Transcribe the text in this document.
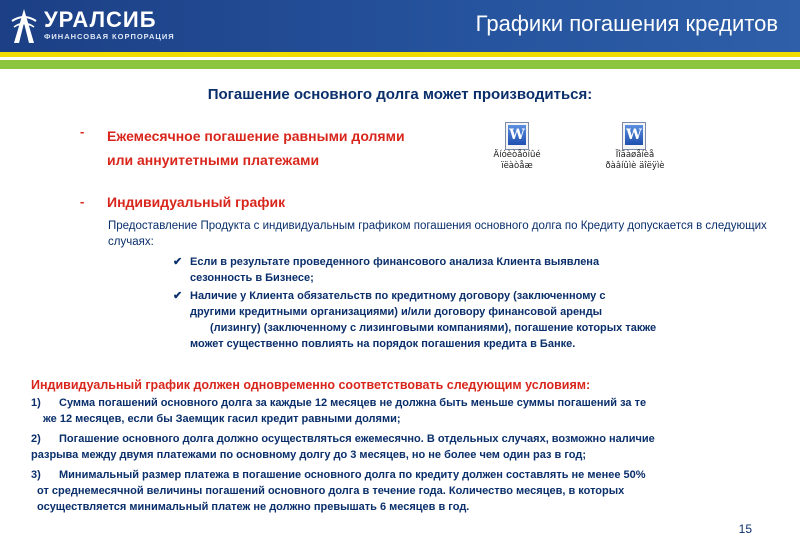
УРАЛСИБ
ФИНАНСОВАЯ КОРПОРАЦИЯ
Графики погашения кредитов
Погашение основного долга может производиться:
- Ежемесячное погашение равными долями
или аннуитетными платежами
W
Äíóèòåòíûé
ïëàòåæ
W
Ïîãàøåíèå
ðàâíûìè äîëÿìè
- Индивидуальный график
Предоставление Продукта с индивидуальным графиком погашения основного долга по Кредиту допускается в следующих случаях:
✔ Если в результате проведенного финансового анализа Клиента выявлена
сезонность в Бизнесе;
✔ Наличие у Клиента обязательств по кредитному договору (заключенному с
другими кредитными организациями) и/или договору финансовой аренды
(лизингу) (заключенному с лизинговыми компаниями), погашение которых также
может существенно повлиять на порядок погашения кредита в Банке.
Индивидуальный график должен одновременно соответствовать следующим условиям:
1) Сумма погашений основного долга за каждые 12 месяцев не должна быть меньше суммы погашений за те
же 12 месяцев, если бы Заемщик гасил кредит равными долями;
2) Погашение основного долга должно осуществляться ежемесячно. В отдельных случаях, возможно наличие
разрыва между двумя платежами по основному долгу до 3 месяцев, но не более чем один раз в год;
3) Минимальный размер платежа в погашение основного долга по кредиту должен составлять не менее 50%
от среднемесячной величины погашений основного долга в течение года. Количество месяцев, в которых
осуществляется минимальный платеж не должно превышать 6 месяцев в год.
15
